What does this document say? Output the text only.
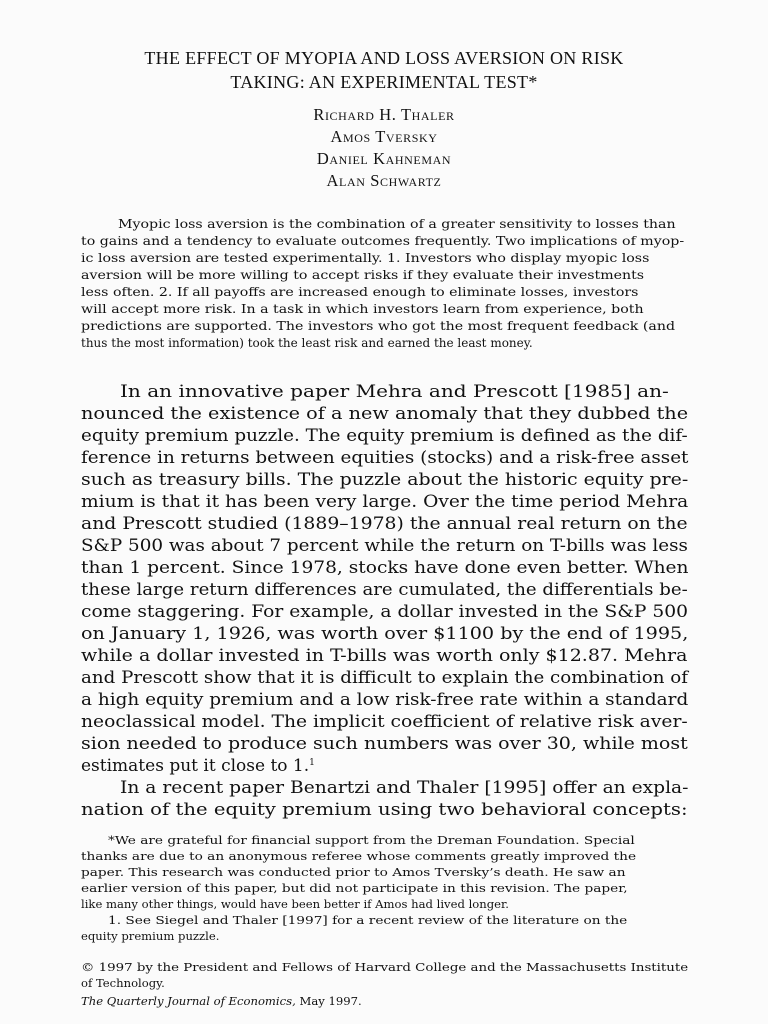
THE EFFECT OF MYOPIA AND LOSS AVERSION ON RISK
TAKING: AN EXPERIMENTAL TEST*
Richard H. Thaler
Amos Tversky
Daniel Kahneman
Alan Schwartz
Myopic loss aversion is the combination of a greater sensitivity to losses than
to gains and a tendency to evaluate outcomes frequently. Two implications of myop-
ic loss aversion are tested experimentally. 1. Investors who display myopic loss
aversion will be more willing to accept risks if they evaluate their investments
less often. 2. If all payoffs are increased enough to eliminate losses, investors
will accept more risk. In a task in which investors learn from experience, both
predictions are supported. The investors who got the most frequent feedback (and
thus the most information) took the least risk and earned the least money.
In an innovative paper Mehra and Prescott [1985] an-
nounced the existence of a new anomaly that they dubbed the
equity premium puzzle. The equity premium is defined as the dif-
ference in returns between equities (stocks) and a risk-free asset
such as treasury bills. The puzzle about the historic equity pre-
mium is that it has been very large. Over the time period Mehra
and Prescott studied (1889–1978) the annual real return on the
S&P 500 was about 7 percent while the return on T-bills was less
than 1 percent. Since 1978, stocks have done even better. When
these large return differences are cumulated, the differentials be-
come staggering. For example, a dollar invested in the S&P 500
on January 1, 1926, was worth over $1100 by the end of 1995,
while a dollar invested in T-bills was worth only $12.87. Mehra
and Prescott show that it is difficult to explain the combination of
a high equity premium and a low risk-free rate within a standard
neoclassical model. The implicit coefficient of relative risk aver-
sion needed to produce such numbers was over 30, while most
estimates put it close to 1.$^1$
In a recent paper Benartzi and Thaler [1995] offer an expla-
nation of the equity premium using two behavioral concepts:
*We are grateful for financial support from the Dreman Foundation. Special
thanks are due to an anonymous referee whose comments greatly improved the
paper. This research was conducted prior to Amos Tversky’s death. He saw an
earlier version of this paper, but did not participate in this revision. The paper,
like many other things, would have been better if Amos had lived longer.
1. See Siegel and Thaler [1997] for a recent review of the literature on the
equity premium puzzle.
© 1997 by the President and Fellows of Harvard College and the Massachusetts Institute
of Technology.
The Quarterly Journal of Economics, May 1997.
